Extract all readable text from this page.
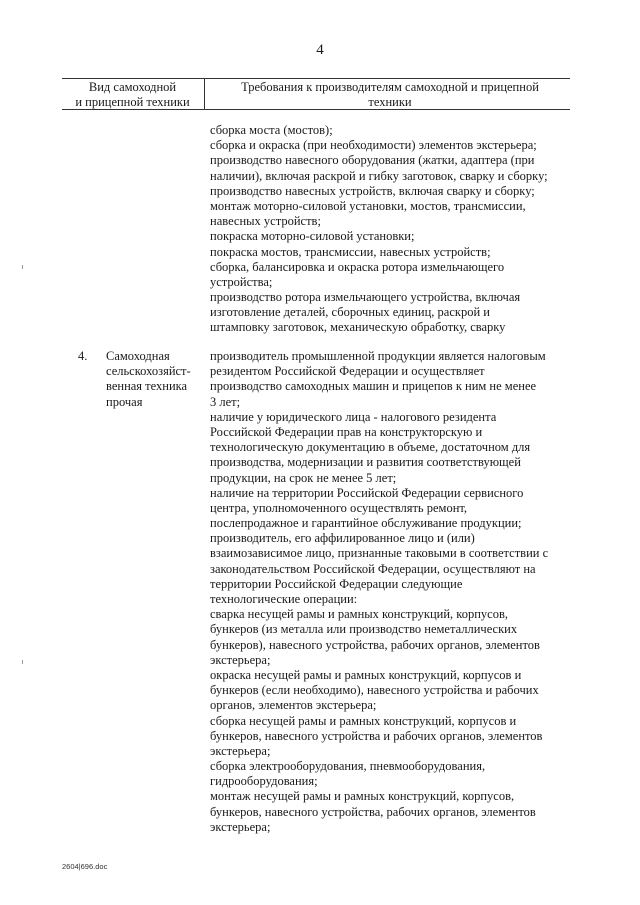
4
Вид самоходной
и прицепной техники
Требования к производителям самоходной и прицепной
техники
сборка моста (мостов);
сборка и окраска (при необходимости) элементов экстерьера;
производство навесного оборудования (жатки, адаптера (при
наличии), включая раскрой и гибку заготовок, сварку и сборку;
производство навесных устройств, включая сварку и сборку;
монтаж моторно-силовой установки, мостов, трансмиссии,
навесных устройств;
покраска моторно-силовой установки;
покраска мостов, трансмиссии, навесных устройств;
сборка, балансировка и окраска ротора измельчающего
устройства;
производство ротора измельчающего устройства, включая
изготовление деталей, сборочных единиц, раскрой и
штамповку заготовок, механическую обработку, сварку
4. Самоходная
сельскохозяйст-
венная техника
прочая
производитель промышленной продукции является налоговым
резидентом Российской Федерации и осуществляет
производство самоходных машин и прицепов к ним не менее
3 лет;
наличие у юридического лица - налогового резидента
Российской Федерации прав на конструкторскую и
технологическую документацию в объеме, достаточном для
производства, модернизации и развития соответствующей
продукции, на срок не менее 5 лет;
наличие на территории Российской Федерации сервисного
центра, уполномоченного осуществлять ремонт,
послепродажное и гарантийное обслуживание продукции;
производитель, его аффилированное лицо и (или)
взаимозависимое лицо, признанные таковыми в соответствии с
законодательством Российской Федерации, осуществляют на
территории Российской Федерации следующие
технологические операции:
сварка несущей рамы и рамных конструкций, корпусов,
бункеров (из металла или производство неметаллических
бункеров), навесного устройства, рабочих органов, элементов
экстерьера;
окраска несущей рамы и рамных конструкций, корпусов и
бункеров (если необходимо), навесного устройства и рабочих
органов, элементов экстерьера;
сборка несущей рамы и рамных конструкций, корпусов и
бункеров, навесного устройства и рабочих органов, элементов
экстерьера;
сборка электрооборудования, пневмооборудования,
гидрооборудования;
монтаж несущей рамы и рамных конструкций, корпусов,
бункеров, навесного устройства, рабочих органов, элементов
экстерьера;
2604|696.doc
